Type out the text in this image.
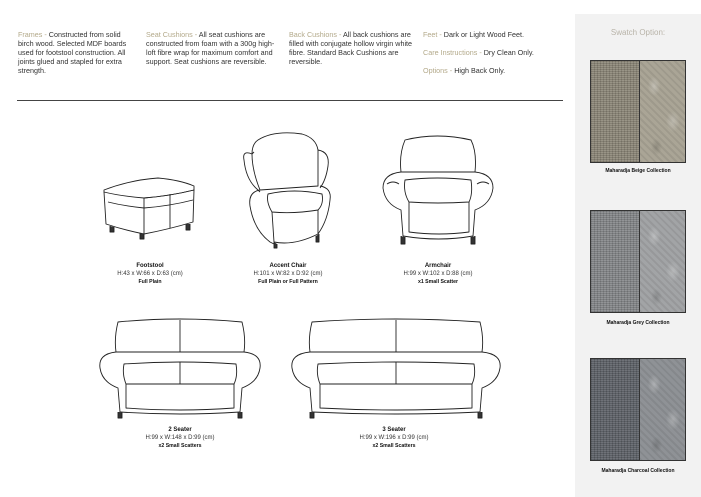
Frames - Constructed from solid birch wood. Selected MDF boards used for footstool construction. All joints glued and stapled for extra strength.
Seat Cushions - All seat cushions are constructed from foam with a 300g high-loft fibre wrap for maximum comfort and support. Seat cushions are reversible.
Back Cushions - All back cushions are filled with conjugate hollow virgin white fibre. Standard Back Cushions are reversible.
Feet - Dark or Light Wood Feet.
Care Instructions - Dry Clean Only.
Options - High Back Only.
Footstool
H:43 x W:66 x D:63 (cm)
Full Plain
Accent Chair
H:101 x W:82 x D:92 (cm)
Full Plain or Full Pattern
Armchair
H:99 x W:102 x D:88 (cm)
x1 Small Scatter
2 Seater
H:99 x W:148 x D:99 (cm)
x2 Small Scatters
3 Seater
H:99 x W:196 x D:99 (cm)
x2 Small Scatters
Swatch Option:
Maharadja Beige Collection
Maharadja Grey Collection
Maharadja Charcoal Collection
